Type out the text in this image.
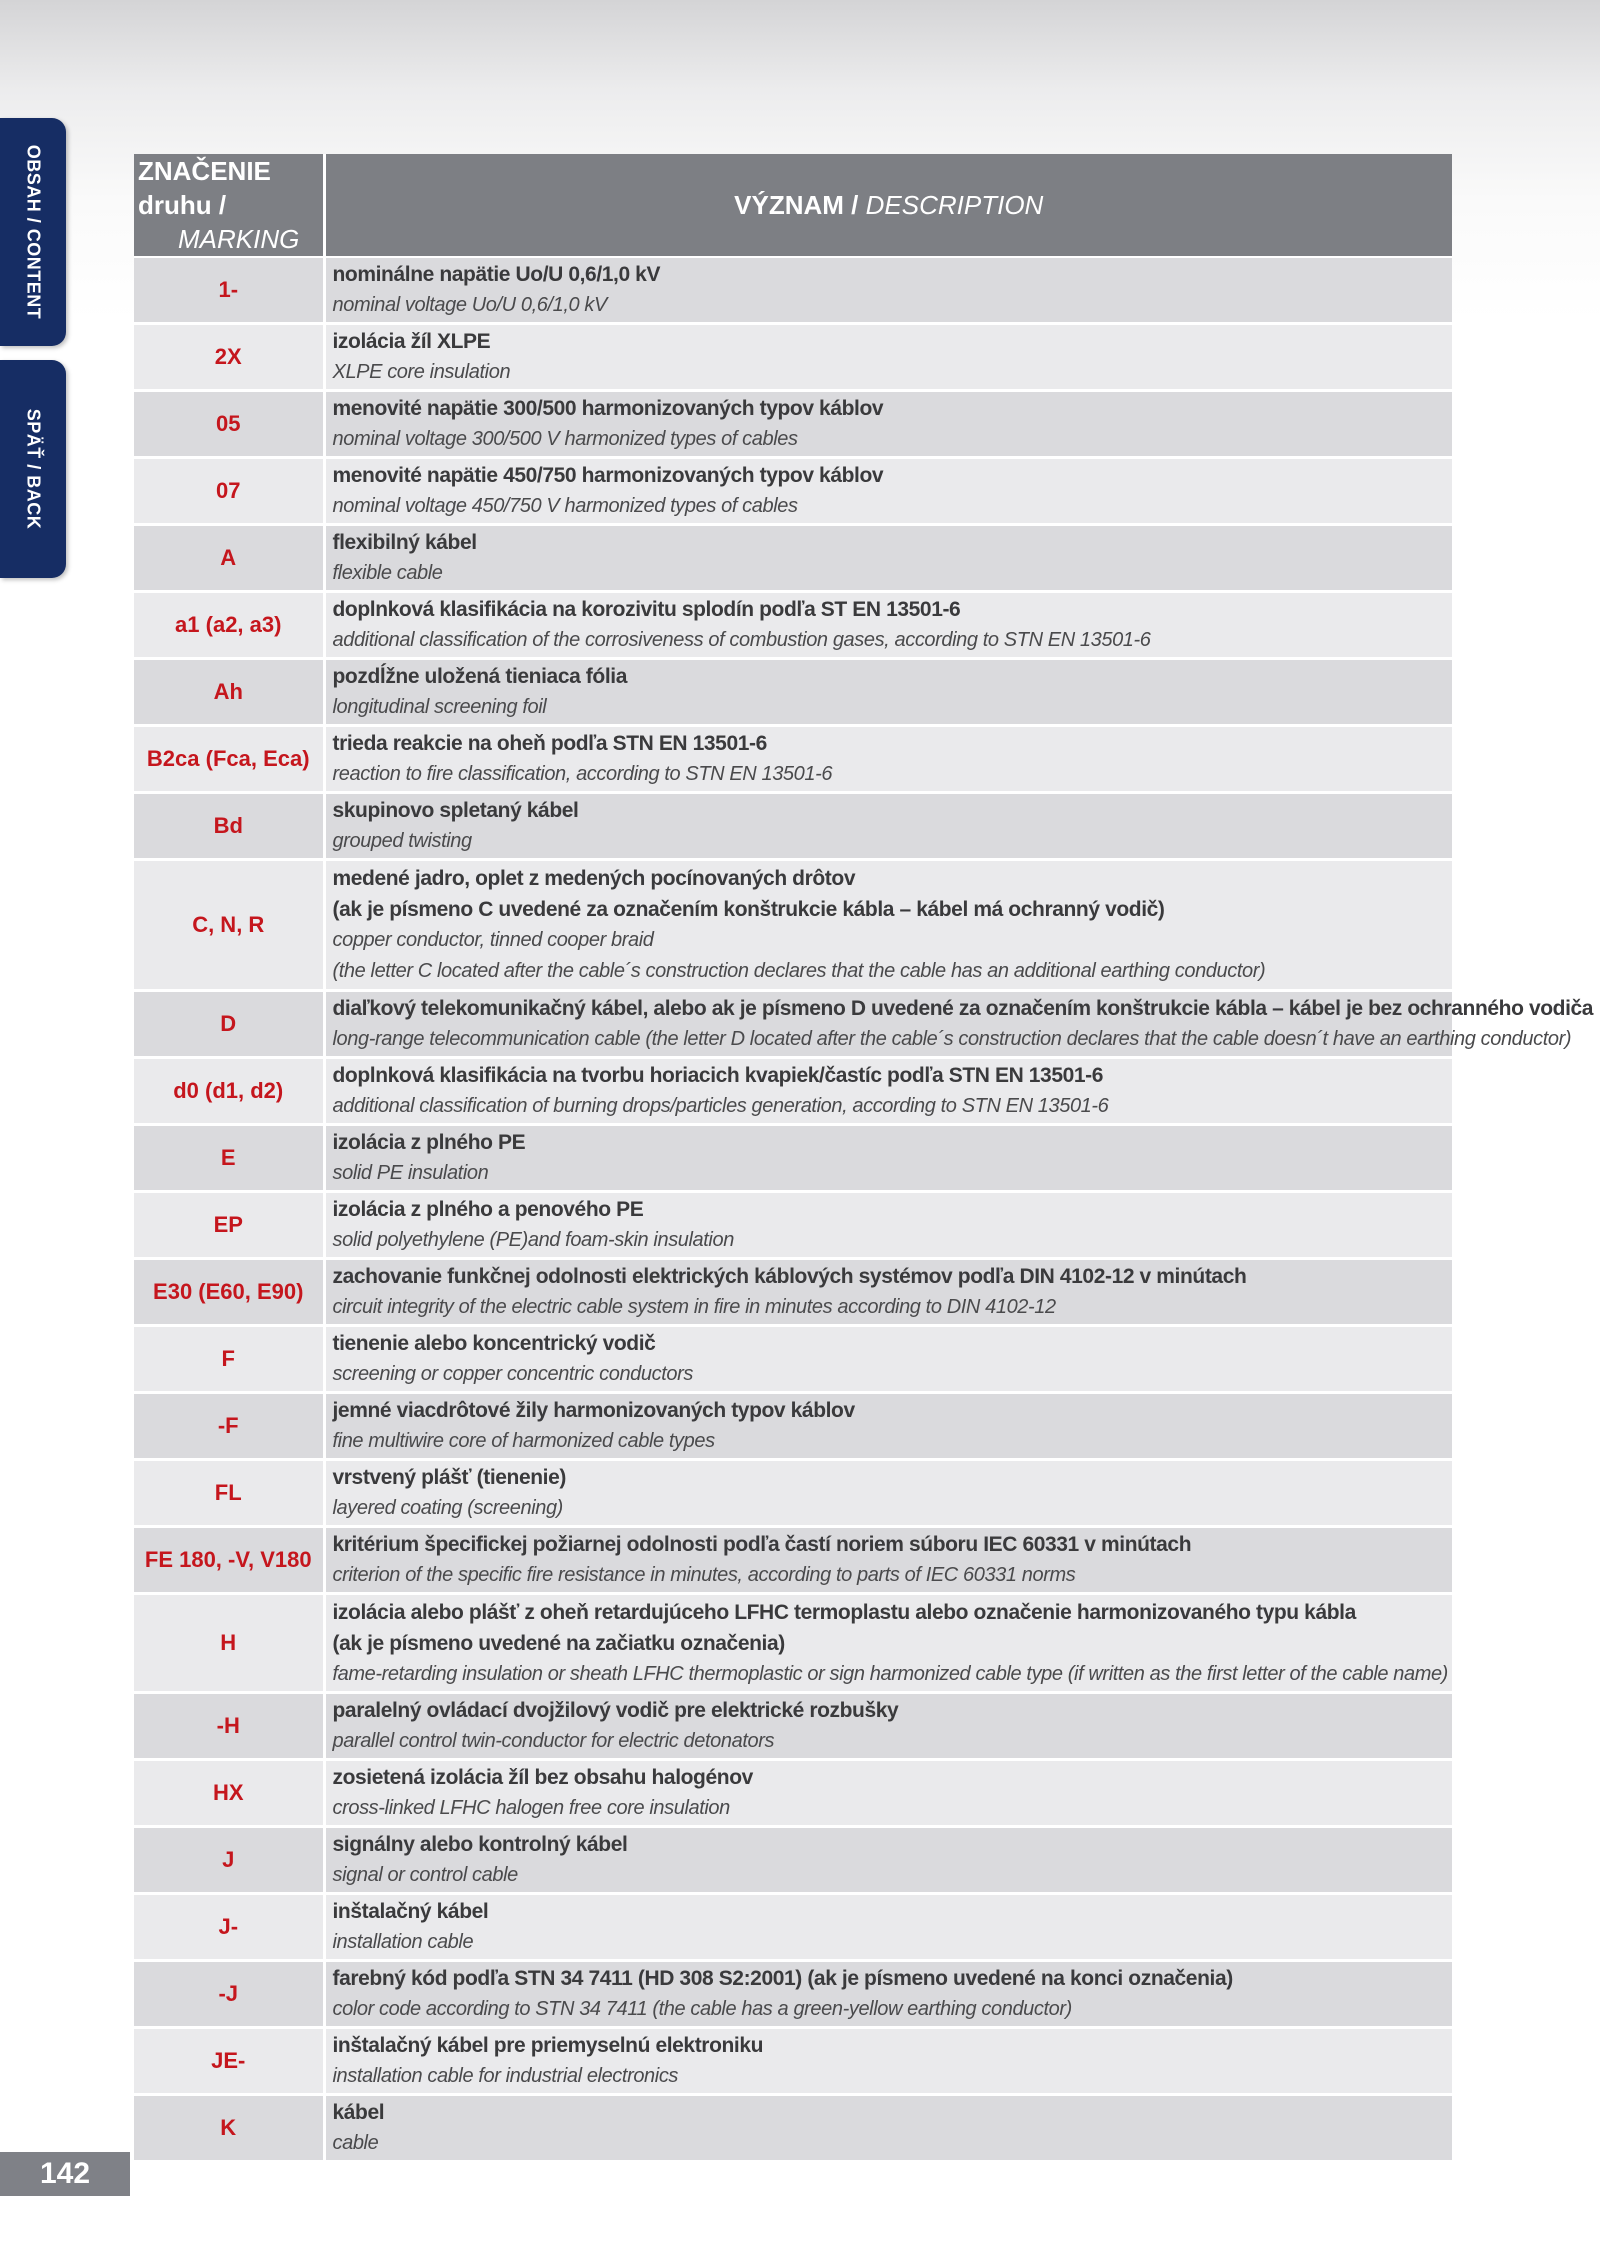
OBSAH / CONTENT
SPÄŤ / BACK
ZNAČENIE druhu /
MARKING	VÝZNAM / DESCRIPTION
1-	nominálne napätie Uo/U 0,6/1,0 kV
nominal voltage Uo/U 0,6/1,0 kV

2X	izolácia žíl XLPE
XLPE core insulation

05	menovité napätie 300/500 harmonizovaných typov káblov
nominal voltage 300/500 V harmonized types of cables

07	menovité napätie 450/750 harmonizovaných typov káblov
nominal voltage 450/750 V harmonized types of cables

A	flexibilný kábel
flexible cable

a1 (a2, a3)	doplnková klasifikácia na korozivitu splodín podľa ST EN 13501-6
additional classification of the corrosiveness of combustion gases, according to STN EN 13501-6

Ah	pozdĺžne uložená tieniaca fólia
longitudinal screening foil

B2ca (Fca, Eca)	trieda reakcie na oheň podľa STN EN 13501-6
reaction to fire classification, according to STN EN 13501-6

Bd	skupinovo spletaný kábel
grouped twisting

C, N, R	medené jadro, oplet z medených pocínovaných drôtov
(ak je písmeno C uvedené za označením konštrukcie kábla – kábel má ochranný vodič)
copper conductor, tinned cooper braid
(the letter C located after the cable´s construction declares that the cable has an additional earthing conductor)

D	diaľkový telekomunikačný kábel, alebo ak je písmeno D uvedené za označením konštrukcie kábla – kábel je bez ochranného vodiča
long-range telecommunication cable (the letter D located after the cable´s construction declares that the cable doesn´t have an earthing conductor)

d0 (d1, d2)	doplnková klasifikácia na tvorbu horiacich kvapiek/častíc podľa STN EN 13501-6
additional classification of burning drops/particles generation, according to STN EN 13501-6

E	izolácia z plného PE
solid PE insulation

EP	izolácia z plného a penového PE
solid polyethylene (PE)and foam-skin insulation

E30 (E60, E90)	zachovanie funkčnej odolnosti elektrických káblových systémov podľa DIN 4102-12 v minútach
circuit integrity of the electric cable system in fire in minutes according to DIN 4102-12

F	tienenie alebo koncentrický vodič
screening or copper concentric conductors

-F	jemné viacdrôtové žily harmonizovaných typov káblov
fine multiwire core of harmonized cable types

FL	vrstvený plášť (tienenie)
layered coating (screening)

FE 180, -V, V180	kritérium špecifickej požiarnej odolnosti podľa častí noriem súboru IEC 60331 v minútach
criterion of the specific fire resistance in minutes, according to parts of IEC 60331 norms

H	izolácia alebo plášť z oheň retardujúceho LFHC termoplastu alebo označenie harmonizovaného typu kábla
(ak je písmeno uvedené na začiatku označenia)
fame-retarding insulation or sheath LFHC thermoplastic or sign harmonized cable type (if written as the first letter of the cable name)

-H	paralelný ovládací dvojžilový vodič pre elektrické rozbušky
parallel control twin-conductor for electric detonators

HX	zosietená izolácia žíl bez obsahu halogénov
cross-linked LFHC halogen free core insulation

J	signálny alebo kontrolný kábel
signal or control cable

J-	inštalačný kábel
installation cable

-J	farebný kód podľa STN 34 7411 (HD 308 S2:2001) (ak je písmeno uvedené na konci označenia)
color code according to STN 34 7411 (the cable has a green-yellow earthing conductor)

JE-	inštalačný kábel pre priemyselnú elektroniku
installation cable for industrial electronics

K	kábel
cable
142
